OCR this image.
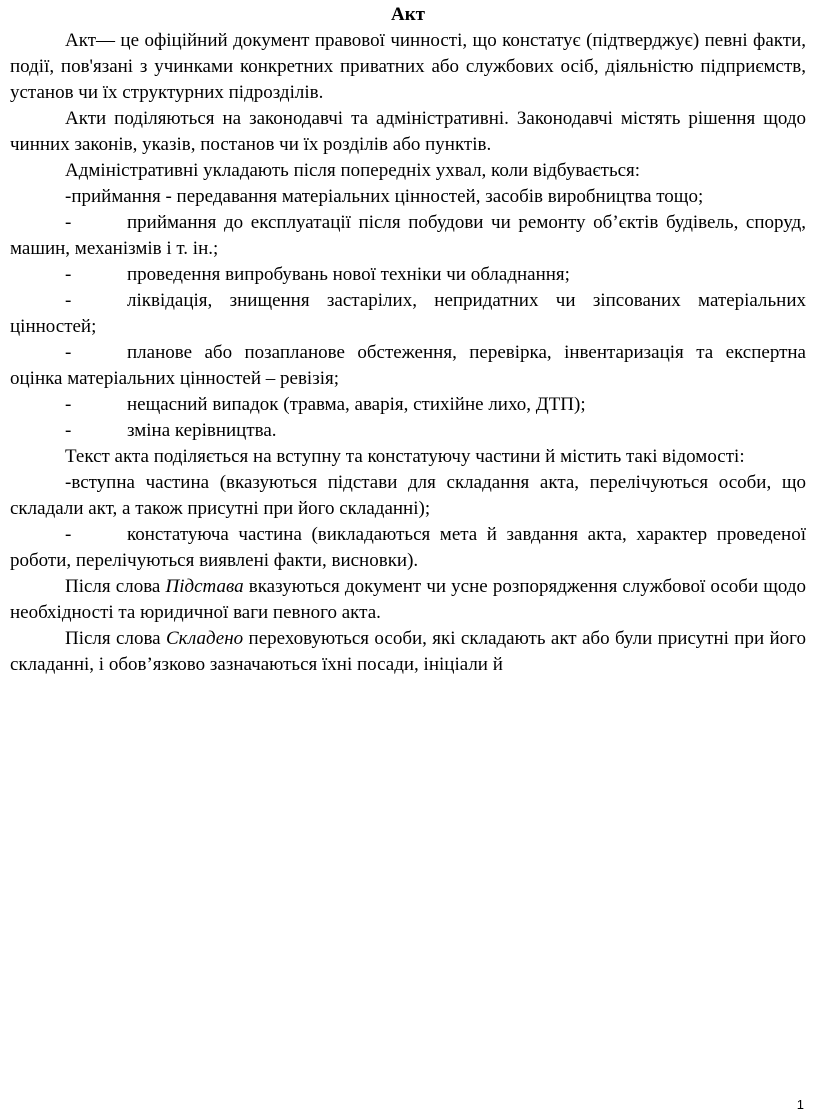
Акт

Акт— це офіційний документ правової чинності, що констатує (підтверджує) певні факти, події, пов'язані з учинками конкретних приватних або службових осіб, діяльністю підприємств, установ чи їх структурних підрозділів.

Акти поділяються на законодавчі та адміністративні. Законодавчі містять рішення щодо чинних законів, указів, постанов чи їх розділів або пунктів.

Адміністративні укладають після попередніх ухвал, коли відбувається:

-приймання - передавання матеріальних цінностей, засобів виробництва тощо;

-	приймання до експлуатації після побудови чи ремонту об’єктів будівель, споруд, машин, механізмів і т. ін.;

-	проведення випробувань нової техніки чи обладнання;

-	ліквідація, знищення застарілих, непридатних чи зіпсованих матеріальних цінностей;

-	планове або позапланове обстеження, перевірка, інвентаризація та експертна оцінка матеріальних цінностей – ревізія;

-	нещасний випадок (травма, аварія, стихійне лихо, ДТП);

-	зміна керівництва.

Текст акта поділяється на вступну та констатуючу частини й містить такі відомості:

-вступна частина (вказуються підстави для складання акта, перелічуються особи, що складали акт, а також присутні при його складанні);

-	констатуюча частина (викладаються мета й завдання акта, характер проведеної роботи, перелічуються виявлені факти, висновки).

Після слова Підстава вказуються документ чи усне розпорядження службової особи щодо необхідності та юридичної ваги певного акта.

Після слова Складено переховуються особи, які складають акт або були присутні при його складанні, і обов’язково зазначаються їхні посади, ініціали й

1
